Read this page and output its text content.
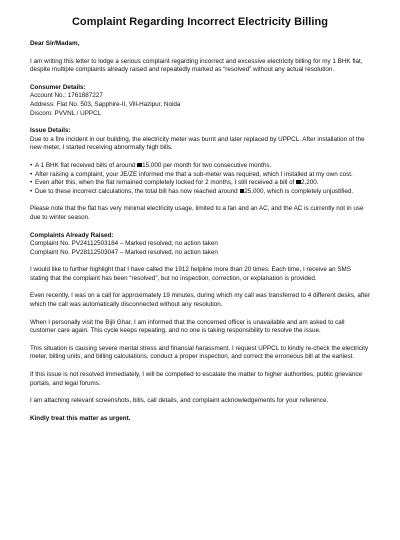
Complaint Regarding Incorrect Electricity Billing

Dear Sir/Madam,

I am writing this letter to lodge a serious complaint regarding incorrect and excessive electricity billing for my 1 BHK flat, despite multiple complaints already raised and repeatedly marked as “resolved” without any actual resolution.

Consumer Details:
Account No.: 1761887227
Address: Flat No. 503, Sapphire-II, Vill-Hazipur, Noida
Discom: PVVNL / UPPCL
Issue Details:
Due to a fire incident in our building, the electricity meter was burnt and later replaced by UPPCL. After installation of the new meter, I started receiving abnormally high bills.
• A 1 BHK flat received bills of around 15,000 per month for two consecutive months.
• After raising a complaint, your JE/ZE informed me that a sub-meter was required, which I installed at my own cost.
• Even after this, when the flat remained completely locked for 2 months, I still received a bill of 2,200.
• Due to these incorrect calculations, the total bill has now reached around 25,000, which is completely unjustified.

Please note that the flat has very minimal electricity usage, limited to a fan and an AC, and the AC is currently not in use due to winter season.

Complaints Already Raised:
Complaint No. PV24112503184 – Marked resolved, no action taken
Complaint No. PV28112503047 – Marked resolved, no action taken

I would like to further highlight that I have called the 1912 helpline more than 20 times. Each time, I receive an SMS stating that the complaint has been “resolved”, but no inspection, correction, or explanation is provided.

Even recently, I was on a call for approximately 19 minutes, during which my call was transferred to 4 different desks, after which the call was automatically disconnected without any resolution.

When I personally visit the Bijli Ghar, I am informed that the concerned officer is unavailable and am asked to call customer care again. This cycle keeps repeating, and no one is taking responsibility to resolve the issue.

This situation is causing severe mental stress and financial harassment. I request UPPCL to kindly re-check the electricity meter, billing units, and billing calculations, conduct a proper inspection, and correct the erroneous bill at the earliest.

If this issue is not resolved immediately, I will be compelled to escalate the matter to higher authorities, public grievance portals, and legal forums.

I am attaching relevant screenshots, bills, call details, and complaint acknowledgements for your reference.

Kindly treat this matter as urgent.
